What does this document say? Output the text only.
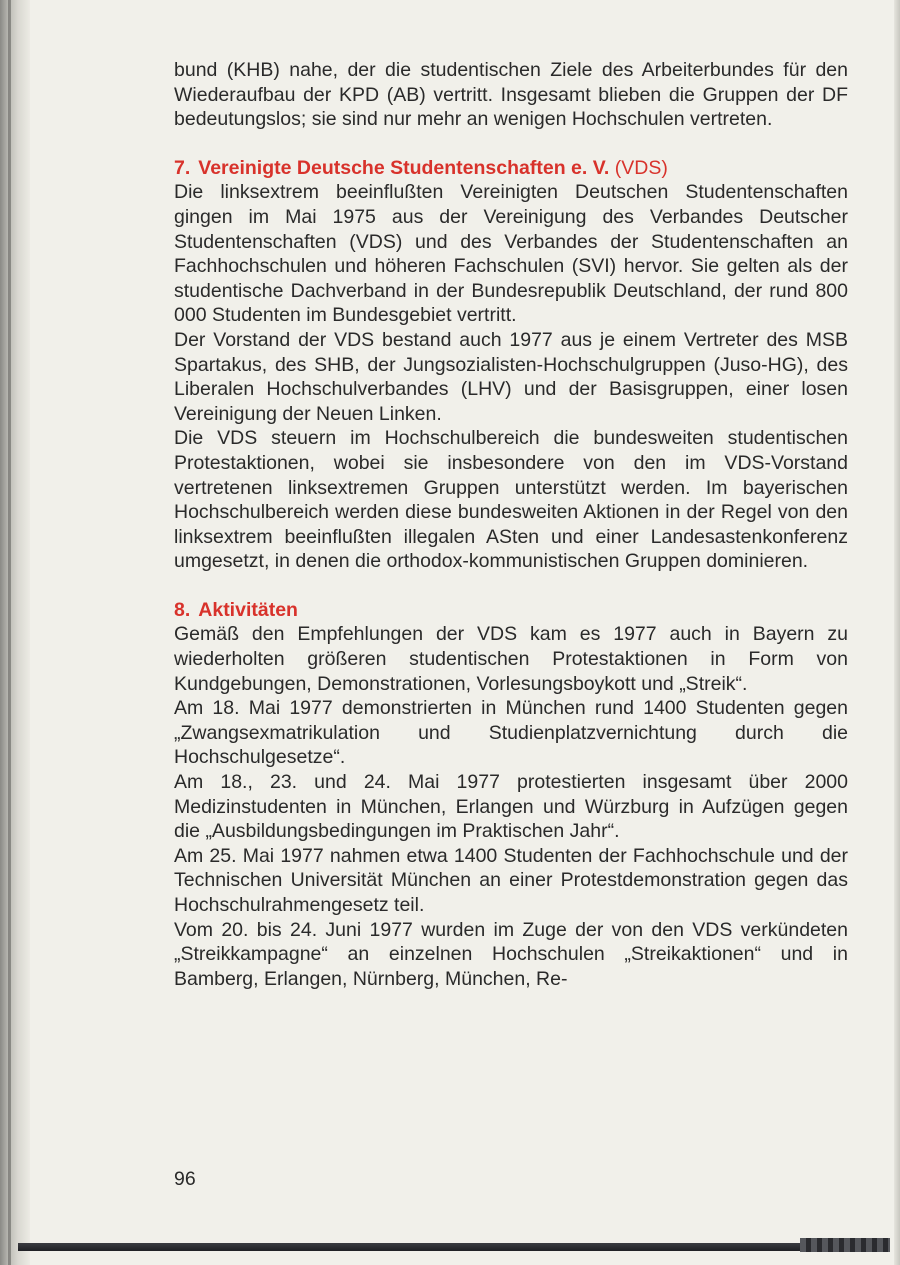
bund (KHB) nahe, der die studentischen Ziele des Arbeiterbundes für den Wiederaufbau der KPD (AB) vertritt. Insgesamt blieben die Gruppen der DF bedeutungslos; sie sind nur mehr an wenigen Hochschulen vertreten.

7. Vereinigte Deutsche Studentenschaften e. V. (VDS)

Die linksextrem beeinflußten Vereinigten Deutschen Studentenschaften gingen im Mai 1975 aus der Vereinigung des Verbandes Deutscher Studentenschaften (VDS) und des Verbandes der Studentenschaften an Fachhochschulen und höheren Fachschulen (SVI) hervor. Sie gelten als der studentische Dachverband in der Bundesrepublik Deutschland, der rund 800 000 Studenten im Bundesgebiet vertritt.

Der Vorstand der VDS bestand auch 1977 aus je einem Vertreter des MSB Spartakus, des SHB, der Jungsozialisten-Hochschulgruppen (Juso-HG), des Liberalen Hochschulverbandes (LHV) und der Basisgruppen, einer losen Vereinigung der Neuen Linken.

Die VDS steuern im Hochschulbereich die bundesweiten studentischen Protestaktionen, wobei sie insbesondere von den im VDS-Vorstand vertretenen linksextremen Gruppen unterstützt werden. Im bayerischen Hochschulbereich werden diese bundesweiten Aktionen in der Regel von den linksextrem beeinflußten illegalen ASten und einer Landesastenkonferenz umgesetzt, in denen die orthodox-kommunistischen Gruppen dominieren.

8. Aktivitäten

Gemäß den Empfehlungen der VDS kam es 1977 auch in Bayern zu wiederholten größeren studentischen Protestaktionen in Form von Kundgebungen, Demonstrationen, Vorlesungsboykott und „Streik“.

Am 18. Mai 1977 demonstrierten in München rund 1400 Studenten gegen „Zwangsexmatrikulation und Studienplatzvernichtung durch die Hochschulgesetze“.

Am 18., 23. und 24. Mai 1977 protestierten insgesamt über 2000 Medizinstudenten in München, Erlangen und Würzburg in Aufzügen gegen die „Ausbildungsbedingungen im Praktischen Jahr“.

Am 25. Mai 1977 nahmen etwa 1400 Studenten der Fachhochschule und der Technischen Universität München an einer Protestdemonstration gegen das Hochschulrahmengesetz teil.

Vom 20. bis 24. Juni 1977 wurden im Zuge der von den VDS verkündeten „Streikkampagne“ an einzelnen Hochschulen „Streikaktionen“ und in Bamberg, Erlangen, Nürnberg, München, Re-

96
